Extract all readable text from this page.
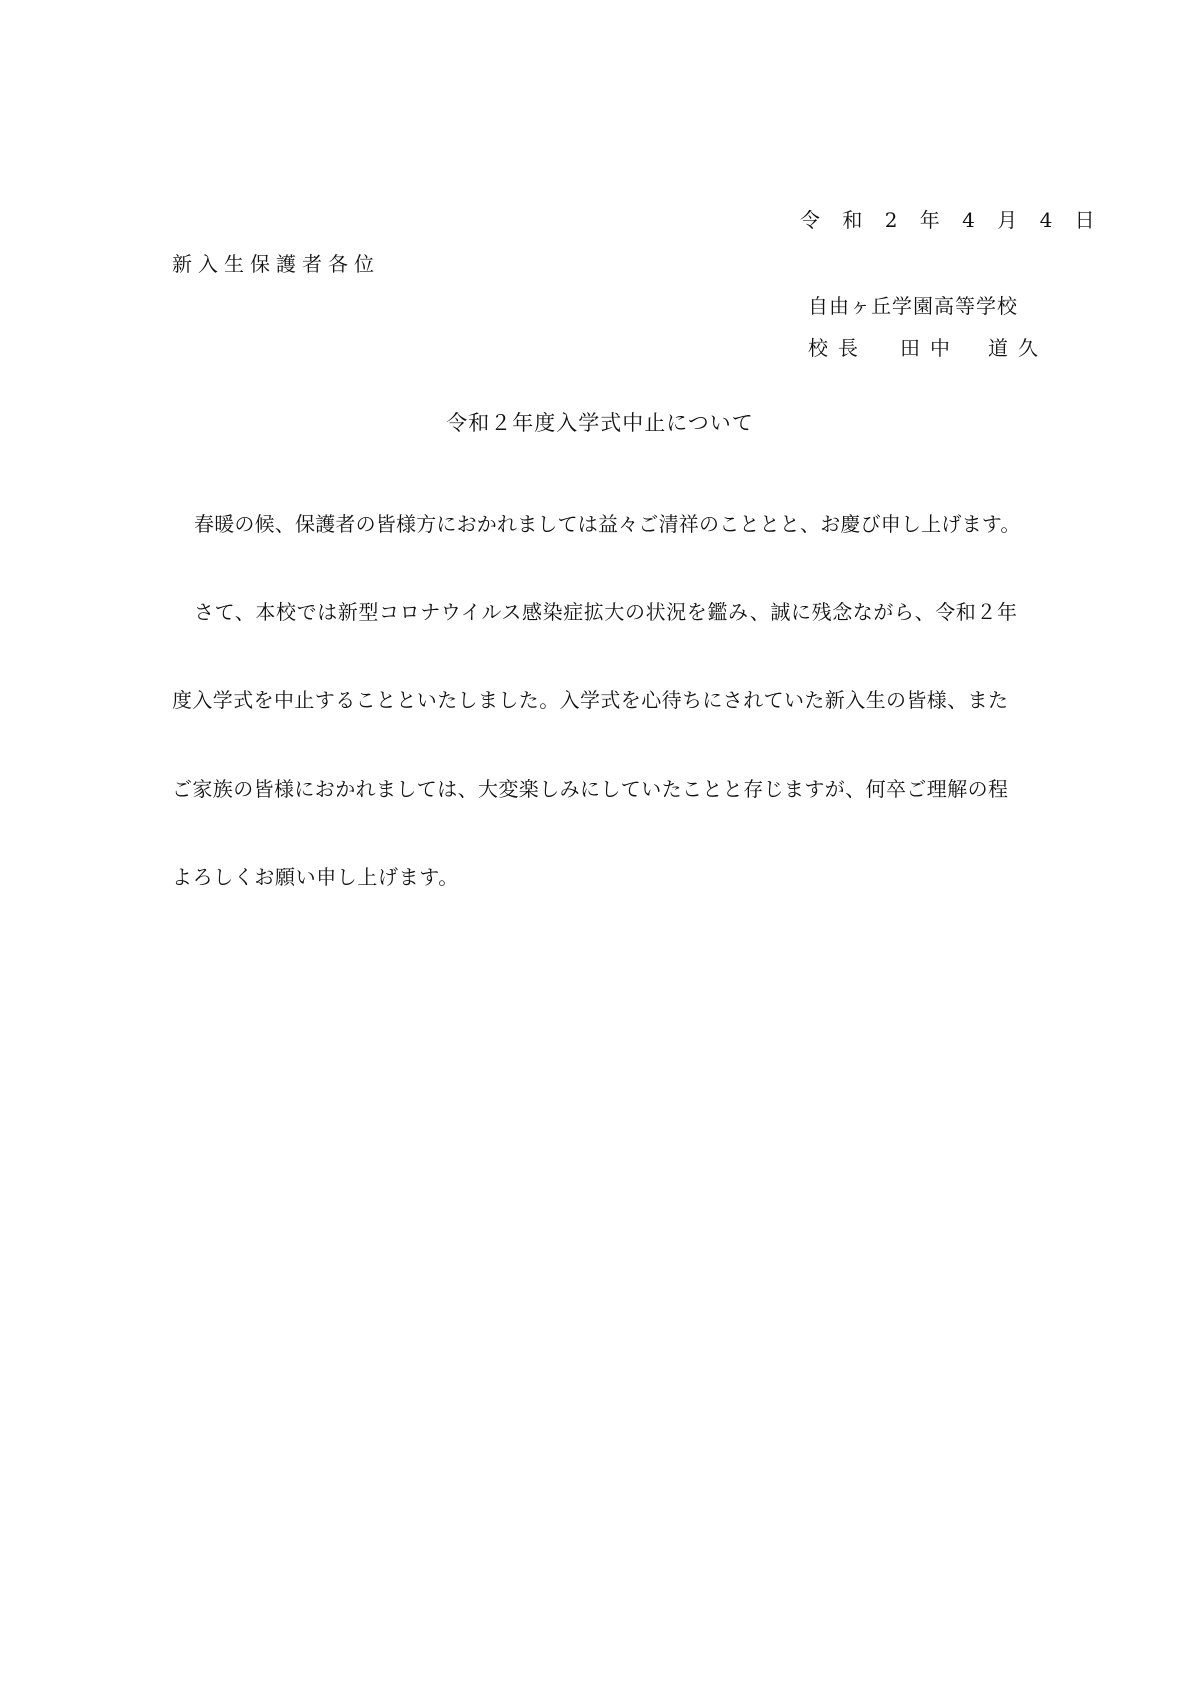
令 和 2 年 4 月 4 日
新入生保護者各位
自由ヶ丘学園高等学校
校長 田中 道久
令和２年度入学式中止について
春暖の候、保護者の皆様方におかれましては益々ご清祥のこととと、お慶び申し上げます。
さて、本校では新型コロナウイルス感染症拡大の状況を鑑み、誠に残念ながら、令和２年
度入学式を中止することといたしました。入学式を心待ちにされていた新入生の皆様、また
ご家族の皆様におかれましては、大変楽しみにしていたことと存じますが、何卒ご理解の程
よろしくお願い申し上げます。
